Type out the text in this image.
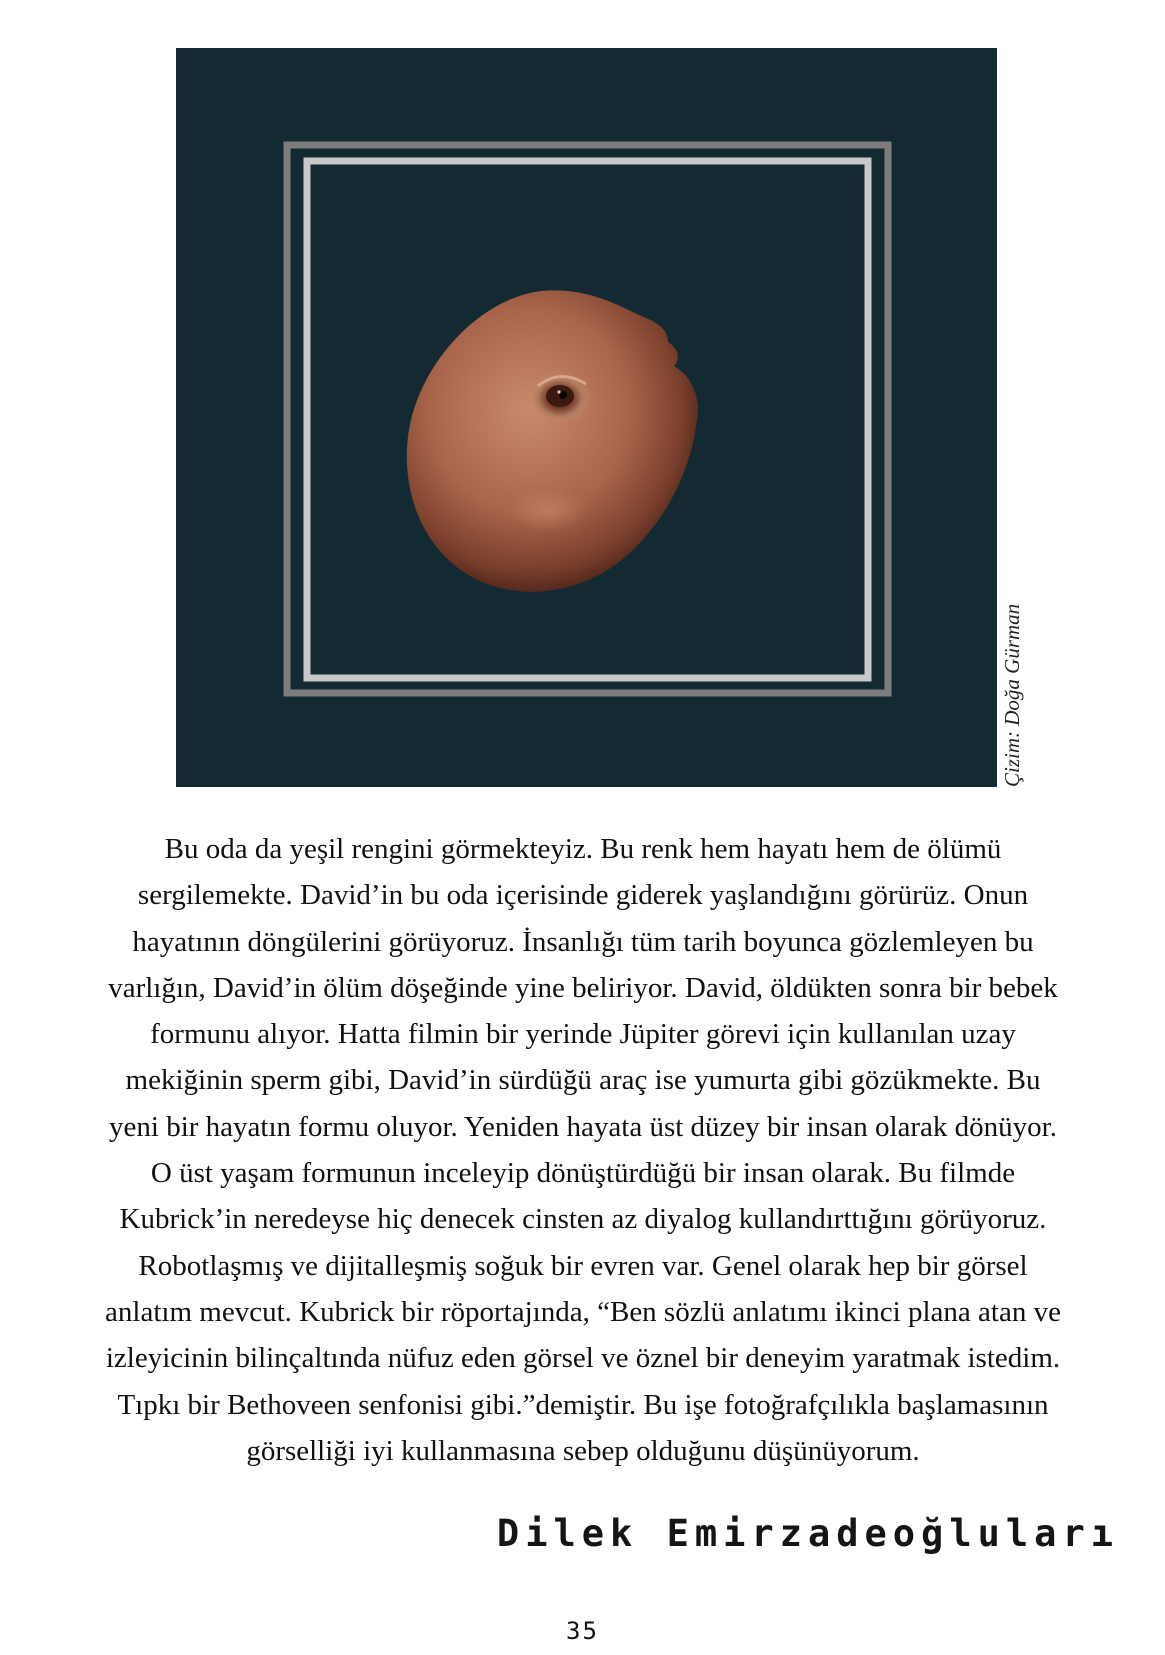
Çizim: Doğa Gürman
Bu oda da yeşil rengini görmekteyiz. Bu renk hem hayatı hem de ölümü
sergilemekte. David’in bu oda içerisinde giderek yaşlandığını görürüz. Onun
hayatının döngülerini görüyoruz. İnsanlığı tüm tarih boyunca gözlemleyen bu
varlığın, David’in ölüm döşeğinde yine beliriyor. David, öldükten sonra bir bebek
formunu alıyor. Hatta filmin bir yerinde Jüpiter görevi için kullanılan uzay
mekiğinin sperm gibi, David’in sürdüğü araç ise yumurta gibi gözükmekte. Bu
yeni bir hayatın formu oluyor. Yeniden hayata üst düzey bir insan olarak dönüyor.
O üst yaşam formunun inceleyip dönüştürdüğü bir insan olarak. Bu filmde
Kubrick’in neredeyse hiç denecek cinsten az diyalog kullandırttığını görüyoruz.
Robotlaşmış ve dijitalleşmiş soğuk bir evren var. Genel olarak hep bir görsel
anlatım mevcut. Kubrick bir röportajında, “Ben sözlü anlatımı ikinci plana atan ve
izleyicinin bilinçaltında nüfuz eden görsel ve öznel bir deneyim yaratmak istedim.
Tıpkı bir Bethoveen senfonisi gibi.”demiştir. Bu işe fotoğrafçılıkla başlamasının
görselliği iyi kullanmasına sebep olduğunu düşünüyorum.
Dilek Emirzadeoğluları
35
